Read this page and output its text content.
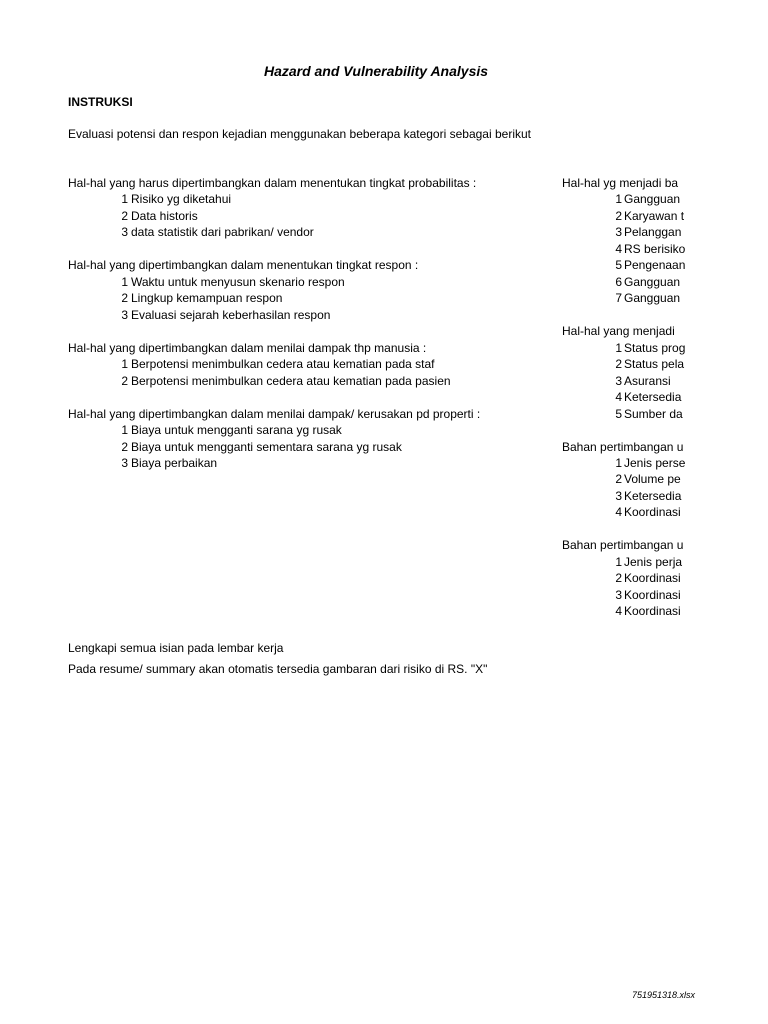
Hazard and Vulnerability Analysis
INSTRUKSI
Evaluasi potensi dan respon kejadian menggunakan beberapa kategori sebagai berikut
Hal-hal yang harus dipertimbangkan dalam menentukan tingkat probabilitas :
1 Risiko yg diketahui
2 Data historis
3 data statistik dari pabrikan/ vendor
Hal-hal yang dipertimbangkan dalam menentukan tingkat respon :
1 Waktu untuk menyusun skenario respon
2 Lingkup kemampuan respon
3 Evaluasi sejarah keberhasilan respon
Hal-hal yang dipertimbangkan dalam menilai dampak thp manusia :
1 Berpotensi menimbulkan cedera atau kematian pada staf
2 Berpotensi menimbulkan cedera atau kematian pada pasien
Hal-hal yang dipertimbangkan dalam menilai dampak/ kerusakan pd properti :
1 Biaya untuk mengganti sarana yg rusak
2 Biaya untuk mengganti sementara sarana yg rusak
3 Biaya perbaikan
Hal-hal yg menjadi ba
1 Gangguan
2 Karyawan t
3 Pelanggan
4 RS berisiko
5 Pengenaan
6 Gangguan
7 Gangguan
Hal-hal yang menjadi
1 Status prog
2 Status pela
3 Asuransi
4 Ketersedia
5 Sumber da
Bahan pertimbangan u
1 Jenis perse
2 Volume pe
3 Ketersedia
4 Koordinasi
Bahan pertimbangan u
1 Jenis perja
2 Koordinasi
3 Koordinasi
4 Koordinasi
Lengkapi semua isian pada lembar kerja
Pada resume/ summary akan otomatis tersedia gambaran dari risiko di RS. "X"
751951318.xlsx
